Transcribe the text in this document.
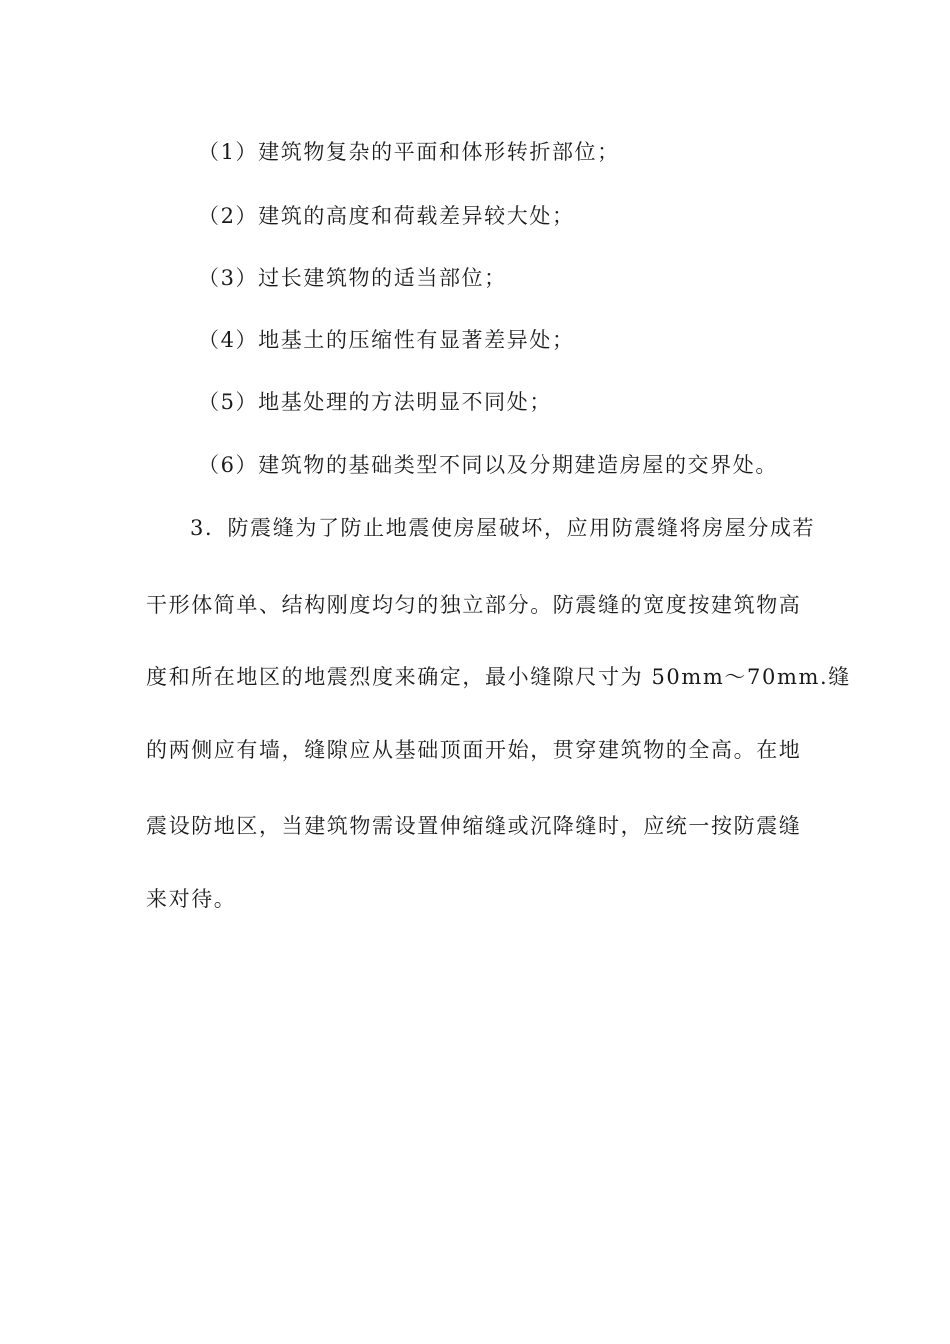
（1）建筑物复杂的平面和体形转折部位；
（2）建筑的高度和荷载差异较大处；
（3）过长建筑物的适当部位；
（4）地基土的压缩性有显著差异处；
（5）地基处理的方法明显不同处；
（6）建筑物的基础类型不同以及分期建造房屋的交界处。
3．防震缝为了防止地震使房屋破坏，应用防震缝将房屋分成若
干形体简单、结构刚度均匀的独立部分。防震缝的宽度按建筑物高
度和所在地区的地震烈度来确定，最小缝隙尺寸为 50mm～70mm.缝
的两侧应有墙，缝隙应从基础顶面开始，贯穿建筑物的全高。在地
震设防地区，当建筑物需设置伸缩缝或沉降缝时，应统一按防震缝
来对待。
